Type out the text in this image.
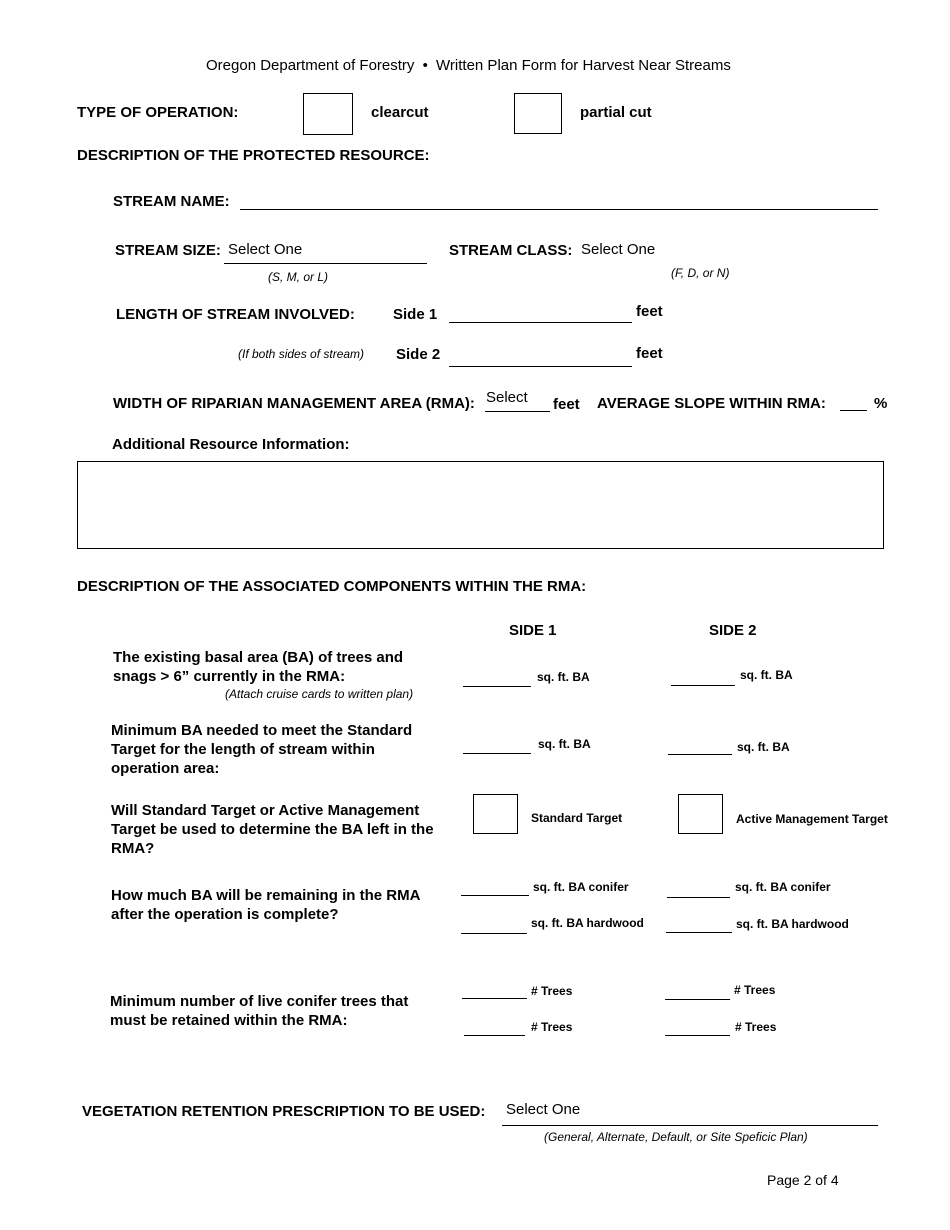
Oregon Department of Forestry • Written Plan Form for Harvest Near Streams
TYPE OF OPERATION:	clearcut	partial cut
DESCRIPTION OF THE PROTECTED RESOURCE:
STREAM NAME:
STREAM SIZE: Select One
(S, M, or L)
STREAM CLASS: Select One
(F, D, or N)
LENGTH OF STREAM INVOLVED:	Side 1	feet
(If both sides of stream) Side 2	feet
WIDTH OF RIPARIAN MANAGEMENT AREA (RMA): Select feet AVERAGE SLOPE WITHIN RMA:	%
Additional Resource Information:
DESCRIPTION OF THE ASSOCIATED COMPONENTS WITHIN THE RMA:
SIDE 1	SIDE 2
The existing basal area (BA) of trees and snags > 6” currently in the RMA:
(Attach cruise cards to written plan)
sq. ft. BA	sq. ft. BA
Minimum BA needed to meet the Standard Target for the length of stream within operation area:
sq. ft. BA	sq. ft. BA
Will Standard Target or Active Management Target be used to determine the BA left in the RMA?
Standard Target	Active Management Target
How much BA will be remaining in the RMA after the operation is complete?
sq. ft. BA conifer	sq. ft. BA conifer
sq. ft. BA hardwood	sq. ft. BA hardwood
Minimum number of live conifer trees that must be retained within the RMA:
# Trees	# Trees
# Trees	# Trees
VEGETATION RETENTION PRESCRIPTION TO BE USED: Select One
(General, Alternate, Default, or Site Speficic Plan)
Page 2 of 4
